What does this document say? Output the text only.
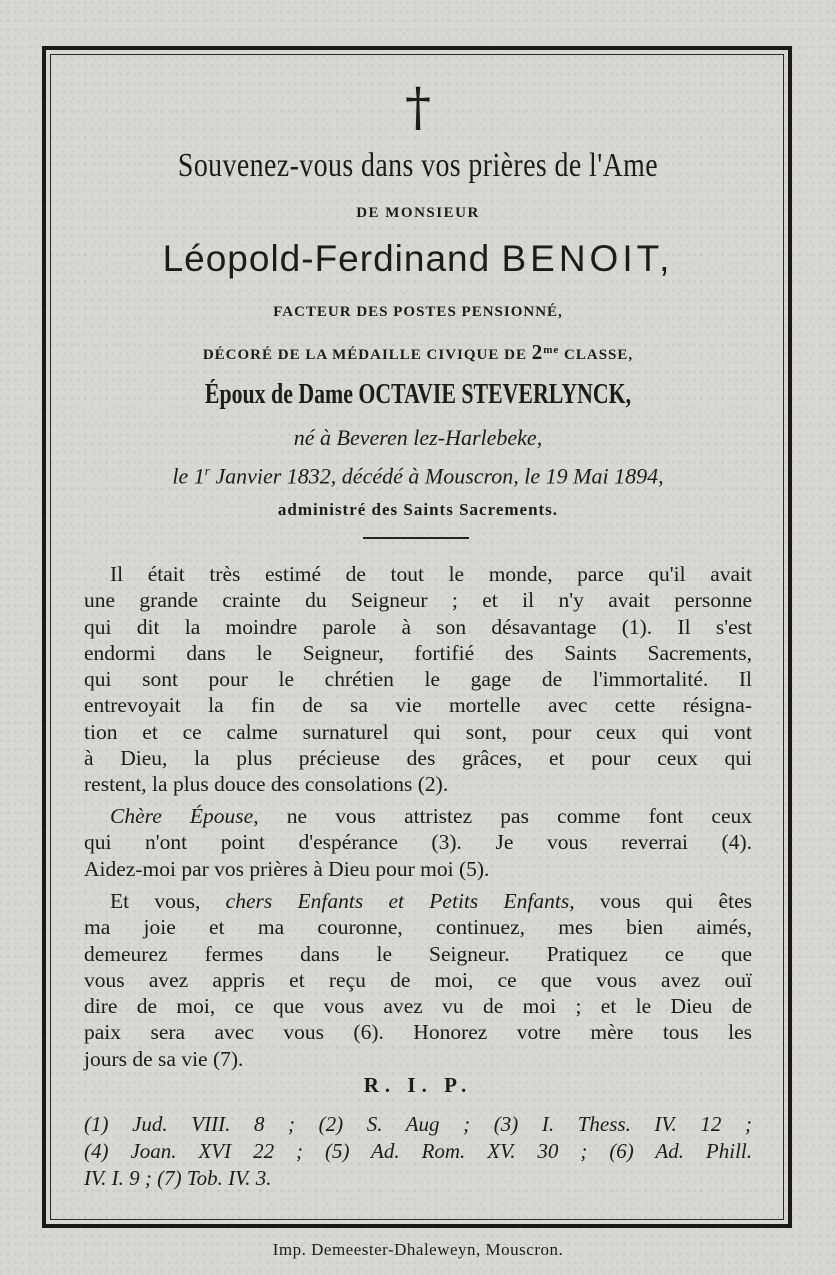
†
Souvenez-vous dans vos prières de l'Ame
DE MONSIEUR
Léopold-Ferdinand BENOIT,
FACTEUR DES POSTES PENSIONNÉ,
DÉCORÉ DE LA MÉDAILLE CIVIQUE DE $2^{me}$ CLASSE,
Époux de Dame OCTAVIE STEVERLYNCK,
né à Beveren lez-Harlebeke,
le 1$^r$ Janvier 1832, décédé à Mouscron, le 19 Mai 1894,
administré des Saints Sacrements.
Il était très estimé de tout le monde, parce qu'il avait
une grande crainte du Seigneur ; et il n'y avait personne
qui dit la moindre parole à son désavantage (1). Il s'est
endormi dans le Seigneur, fortifié des Saints Sacrements,
qui sont pour le chrétien le gage de l'immortalité. Il
entrevoyait la fin de sa vie mortelle avec cette résigna-
tion et ce calme surnaturel qui sont, pour ceux qui vont
à Dieu, la plus précieuse des grâces, et pour ceux qui
restent, la plus douce des consolations (2).
Chère Épouse, ne vous attristez pas comme font ceux
qui n'ont point d'espérance (3). Je vous reverrai (4).
Aidez-moi par vos prières à Dieu pour moi (5).
Et vous, chers Enfants et Petits Enfants, vous qui êtes
ma joie et ma couronne, continuez, mes bien aimés,
demeurez fermes dans le Seigneur. Pratiquez ce que
vous avez appris et reçu de moi, ce que vous avez ouï
dire de moi, ce que vous avez vu de moi ; et le Dieu de
paix sera avec vous (6). Honorez votre mère tous les
jours de sa vie (7).
R. I. P.
(1) Jud. VIII. 8 ; (2) S. Aug ; (3) I. Thess. IV. 12 ;
(4) Joan. XVI 22 ; (5) Ad. Rom. XV. 30 ; (6) Ad. Phill.
IV. I. 9 ; (7) Tob. IV. 3.
Imp. Demeester-Dhaleweyn, Mouscron.
